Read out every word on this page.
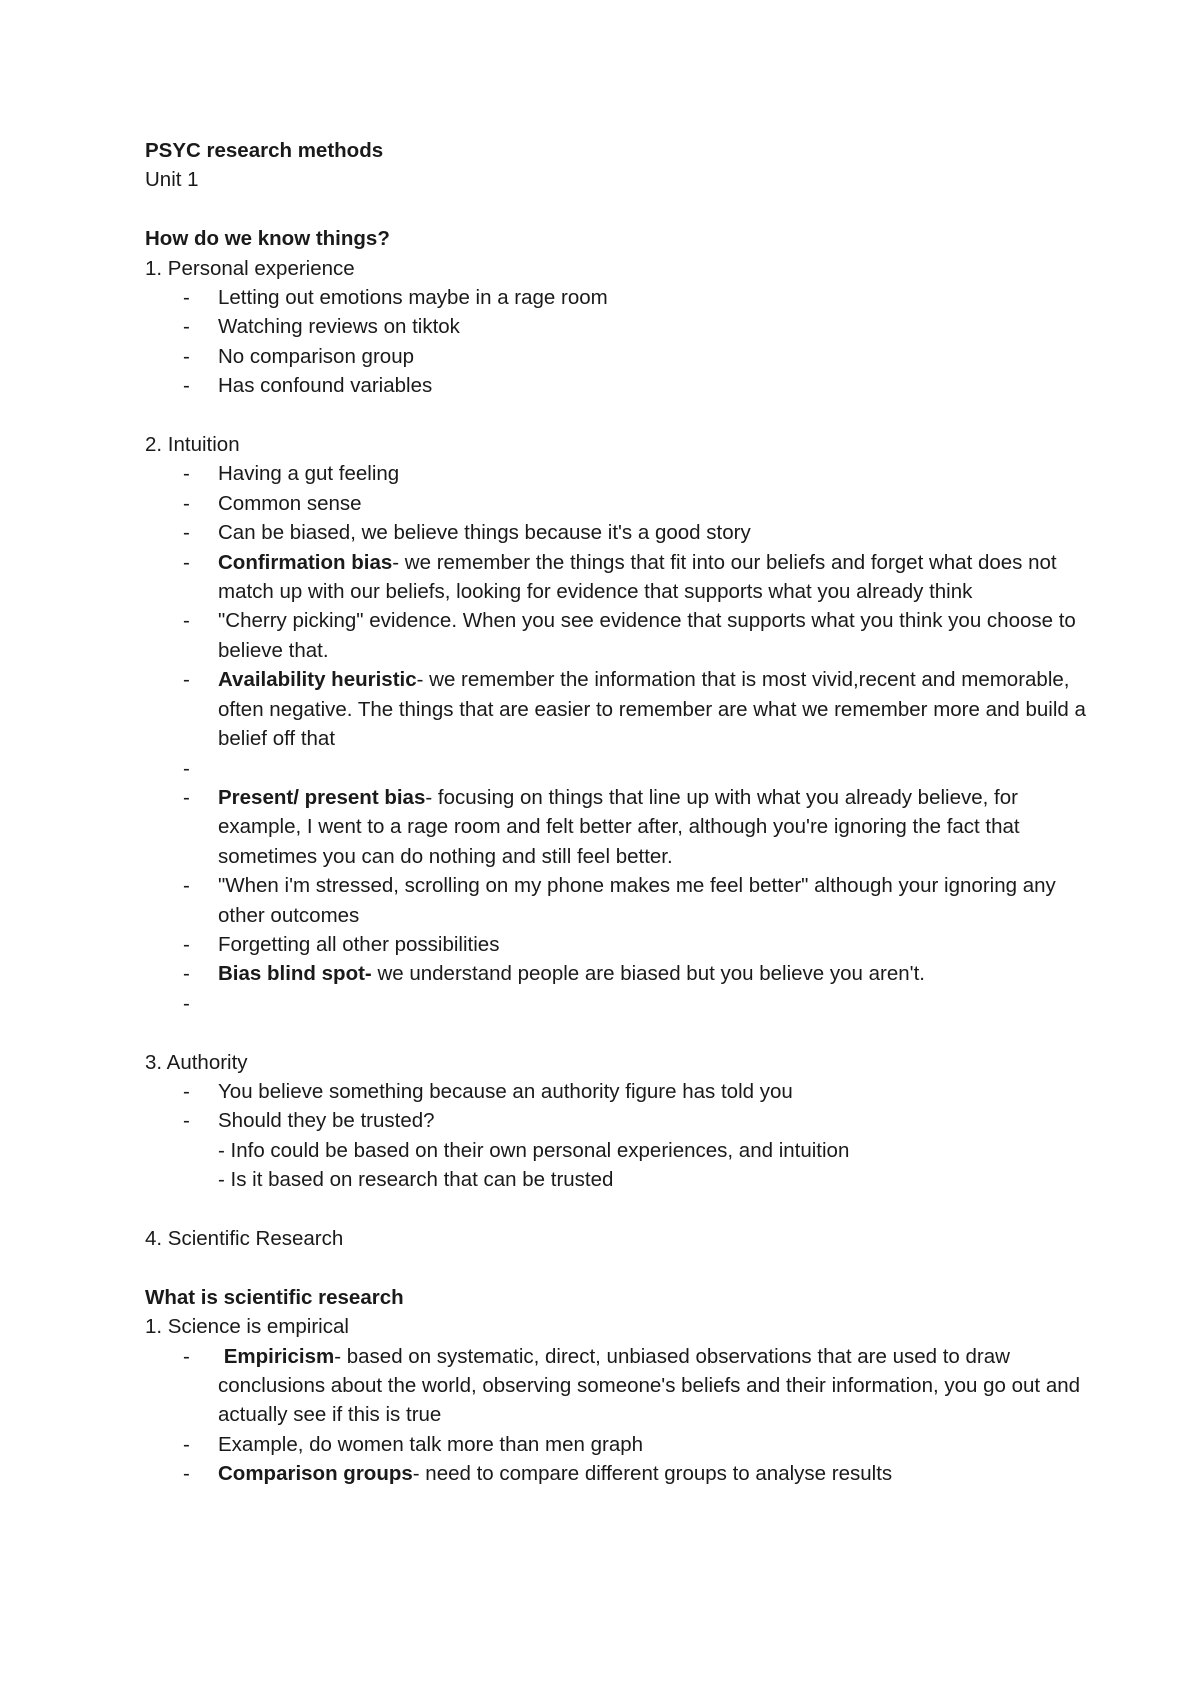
PSYC research methods
Unit 1
How do we know things?
1. Personal experience
- Letting out emotions maybe in a rage room
- Watching reviews on tiktok
- No comparison group
- Has confound variables
2. Intuition
- Having a gut feeling
- Common sense
- Can be biased, we believe things because it's a good story
- Confirmation bias- we remember the things that fit into our beliefs and forget what does not match up with our beliefs, looking for evidence that supports what you already think
- "Cherry picking" evidence. When you see evidence that supports what you think you choose to believe that.
- Availability heuristic- we remember the information that is most vivid,recent and memorable, often negative. The things that are easier to remember are what we remember more and build a belief off that
-

- Present/ present bias- focusing on things that line up with what you already believe, for example, I went to a rage room and felt better after, although you're ignoring the fact that sometimes you can do nothing and still feel better.
- "When i'm stressed, scrolling on my phone makes me feel better" although your ignoring any other outcomes
- Forgetting all other possibilities
- Bias blind spot- we understand people are biased but you believe you aren't.
-

3. Authority
- You believe something because an authority figure has told you
- Should they be trusted?
- Info could be based on their own personal experiences, and intuition
- Is it based on research that can be trusted
4. Scientific Research
What is scientific research
1. Science is empirical
- Empiricism- based on systematic, direct, unbiased observations that are used to draw conclusions about the world, observing someone's beliefs and their information, you go out and actually see if this is true
- Example, do women talk more than men graph
- Comparison groups- need to compare different groups to analyse results
